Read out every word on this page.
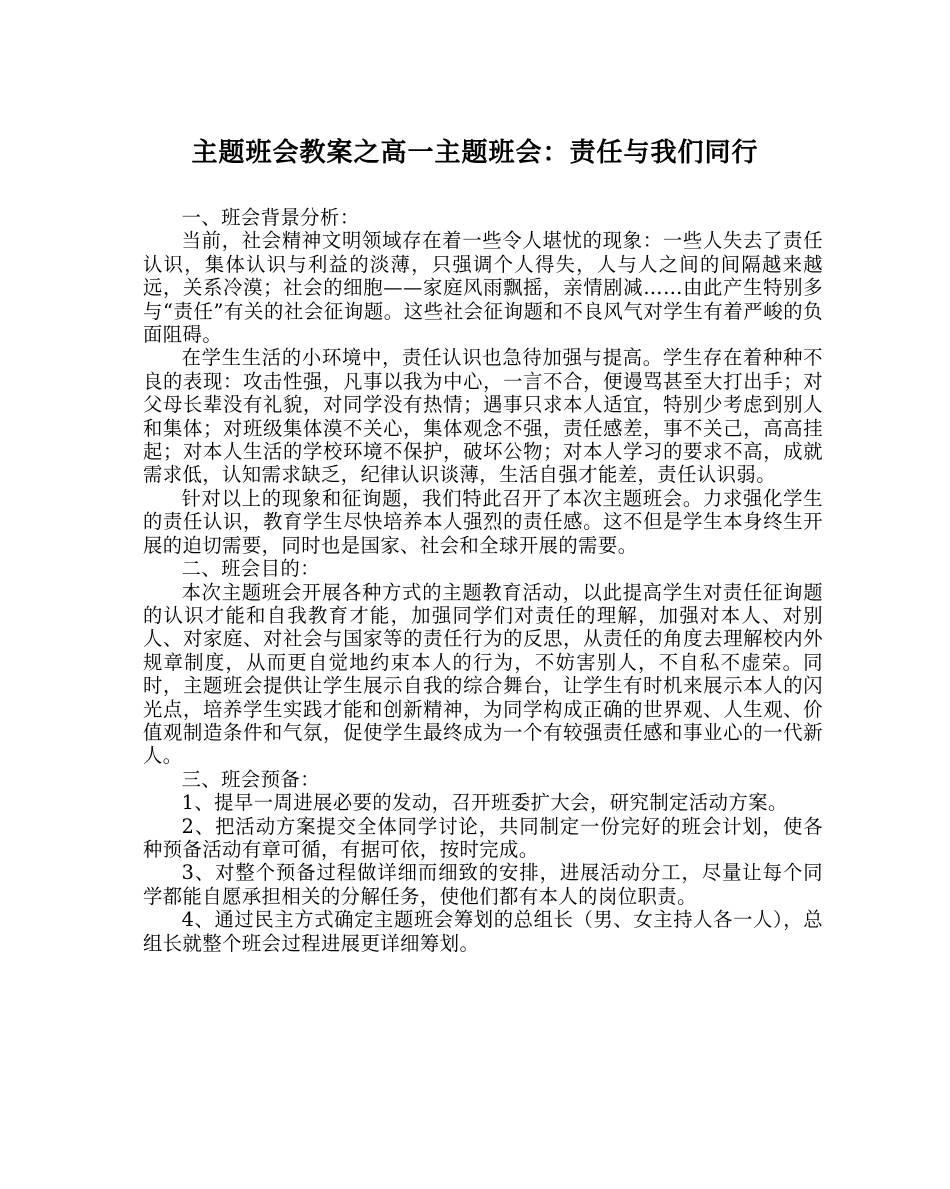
主题班会教案之高一主题班会：责任与我们同行

一、班会背景分析：

当前，社会精神文明领域存在着一些令人堪忧的现象：一些人失去了责任认识，集体认识与利益的淡薄，只强调个人得失，人与人之间的间隔越来越远，关系冷漠；社会的细胞——家庭风雨飘摇，亲情剧减……由此产生特别多与“责任”有关的社会征询题。这些社会征询题和不良风气对学生有着严峻的负面阻碍。

在学生生活的小环境中，责任认识也急待加强与提高。学生存在着种种不良的表现：攻击性强，凡事以我为中心，一言不合，便谩骂甚至大打出手；对父母长辈没有礼貌，对同学没有热情；遇事只求本人适宜，特别少考虑到别人和集体；对班级集体漠不关心，集体观念不强，责任感差，事不关己，高高挂起；对本人生活的学校环境不保护，破坏公物；对本人学习的要求不高，成就需求低，认知需求缺乏，纪律认识谈薄，生活自强才能差，责任认识弱。

针对以上的现象和征询题，我们特此召开了本次主题班会。力求强化学生的责任认识，教育学生尽快培养本人强烈的责任感。这不但是学生本身终生开展的迫切需要，同时也是国家、社会和全球开展的需要。

二、班会目的：

本次主题班会开展各种方式的主题教育活动，以此提高学生对责任征询题的认识才能和自我教育才能，加强同学们对责任的理解，加强对本人、对别人、对家庭、对社会与国家等的责任行为的反思，从责任的角度去理解校内外规章制度，从而更自觉地约束本人的行为，不妨害别人，不自私不虚荣。同时，主题班会提供让学生展示自我的综合舞台，让学生有时机来展示本人的闪光点，培养学生实践才能和创新精神，为同学构成正确的世界观、人生观、价值观制造条件和气氛，促使学生最终成为一个有较强责任感和事业心的一代新人。

三、班会预备：

1、提早一周进展必要的发动，召开班委扩大会，研究制定活动方案。

2、把活动方案提交全体同学讨论，共同制定一份完好的班会计划，使各种预备活动有章可循，有据可依，按时完成。

3、对整个预备过程做详细而细致的安排，进展活动分工，尽量让每个同学都能自愿承担相关的分解任务，使他们都有本人的岗位职责。

4、通过民主方式确定主题班会筹划的总组长（男、女主持人各一人），总组长就整个班会过程进展更详细筹划。
